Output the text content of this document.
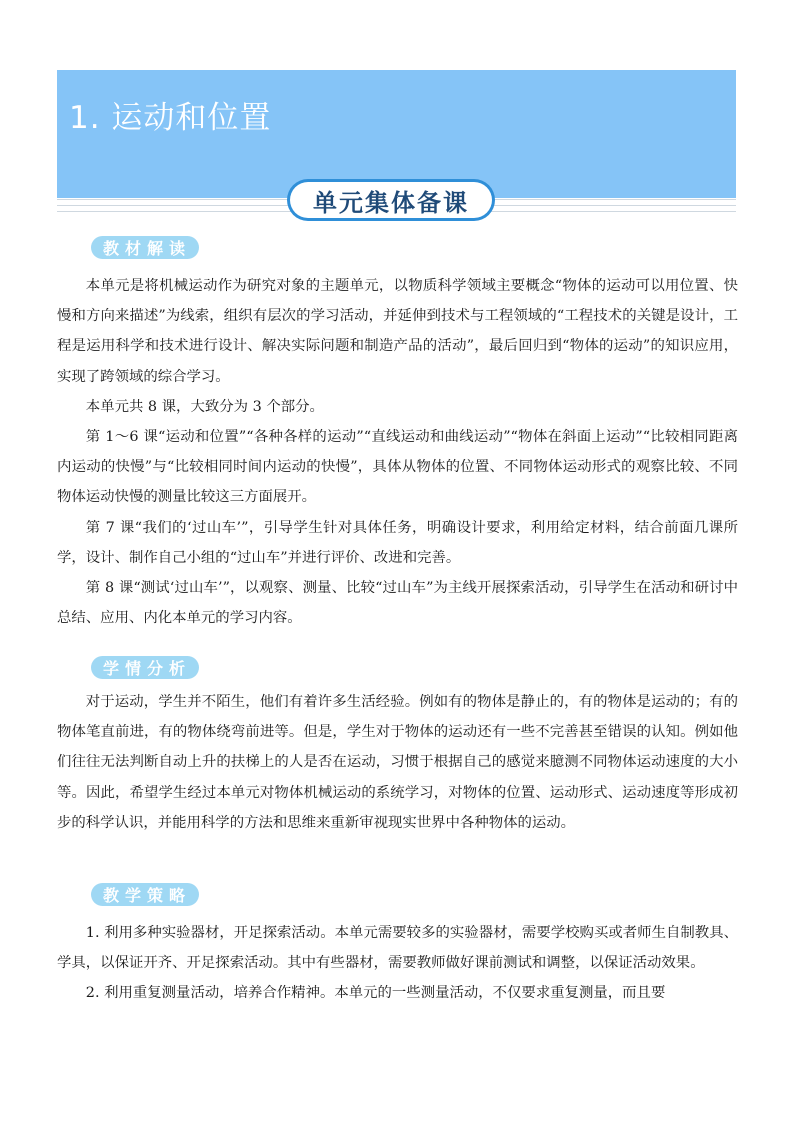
1. 运动和位置
单元集体备课
教材解读

本单元是将机械运动作为研究对象的主题单元，以物质科学领域主要概念“物体的运动可以用位置、快慢和方向来描述”为线索，组织有层次的学习活动，并延伸到技术与工程领域的“工程技术的关键是设计，工程是运用科学和技术进行设计、解决实际问题和制造产品的活动”，最后回归到“物体的运动”的知识应用，实现了跨领域的综合学习。

本单元共 8 课，大致分为 3 个部分。

第 1～6 课“运动和位置”“各种各样的运动”“直线运动和曲线运动”“物体在斜面上运动”“比较相同距离内运动的快慢”与“比较相同时间内运动的快慢”，具体从物体的位置、不同物体运动形式的观察比较、不同物体运动快慢的测量比较这三方面展开。

第 7 课“我们的‘过山车’”，引导学生针对具体任务，明确设计要求，利用给定材料，结合前面几课所学，设计、制作自己小组的“过山车”并进行评价、改进和完善。

第 8 课“测试‘过山车’”，以观察、测量、比较“过山车”为主线开展探索活动，引导学生在活动和研讨中总结、应用、内化本单元的学习内容。

学情分析

对于运动，学生并不陌生，他们有着许多生活经验。例如有的物体是静止的，有的物体是运动的；有的物体笔直前进，有的物体绕弯前进等。但是，学生对于物体的运动还有一些不完善甚至错误的认知。例如他们往往无法判断自动上升的扶梯上的人是否在运动，习惯于根据自己的感觉来臆测不同物体运动速度的大小等。因此，希望学生经过本单元对物体机械运动的系统学习，对物体的位置、运动形式、运动速度等形成初步的科学认识，并能用科学的方法和思维来重新审视现实世界中各种物体的运动。

教学策略

1. 利用多种实验器材，开足探索活动。本单元需要较多的实验器材，需要学校购买或者师生自制教具、学具，以保证开齐、开足探索活动。其中有些器材，需要教师做好课前测试和调整，以保证活动效果。

2. 利用重复测量活动，培养合作精神。本单元的一些测量活动，不仅要求重复测量，而且要
